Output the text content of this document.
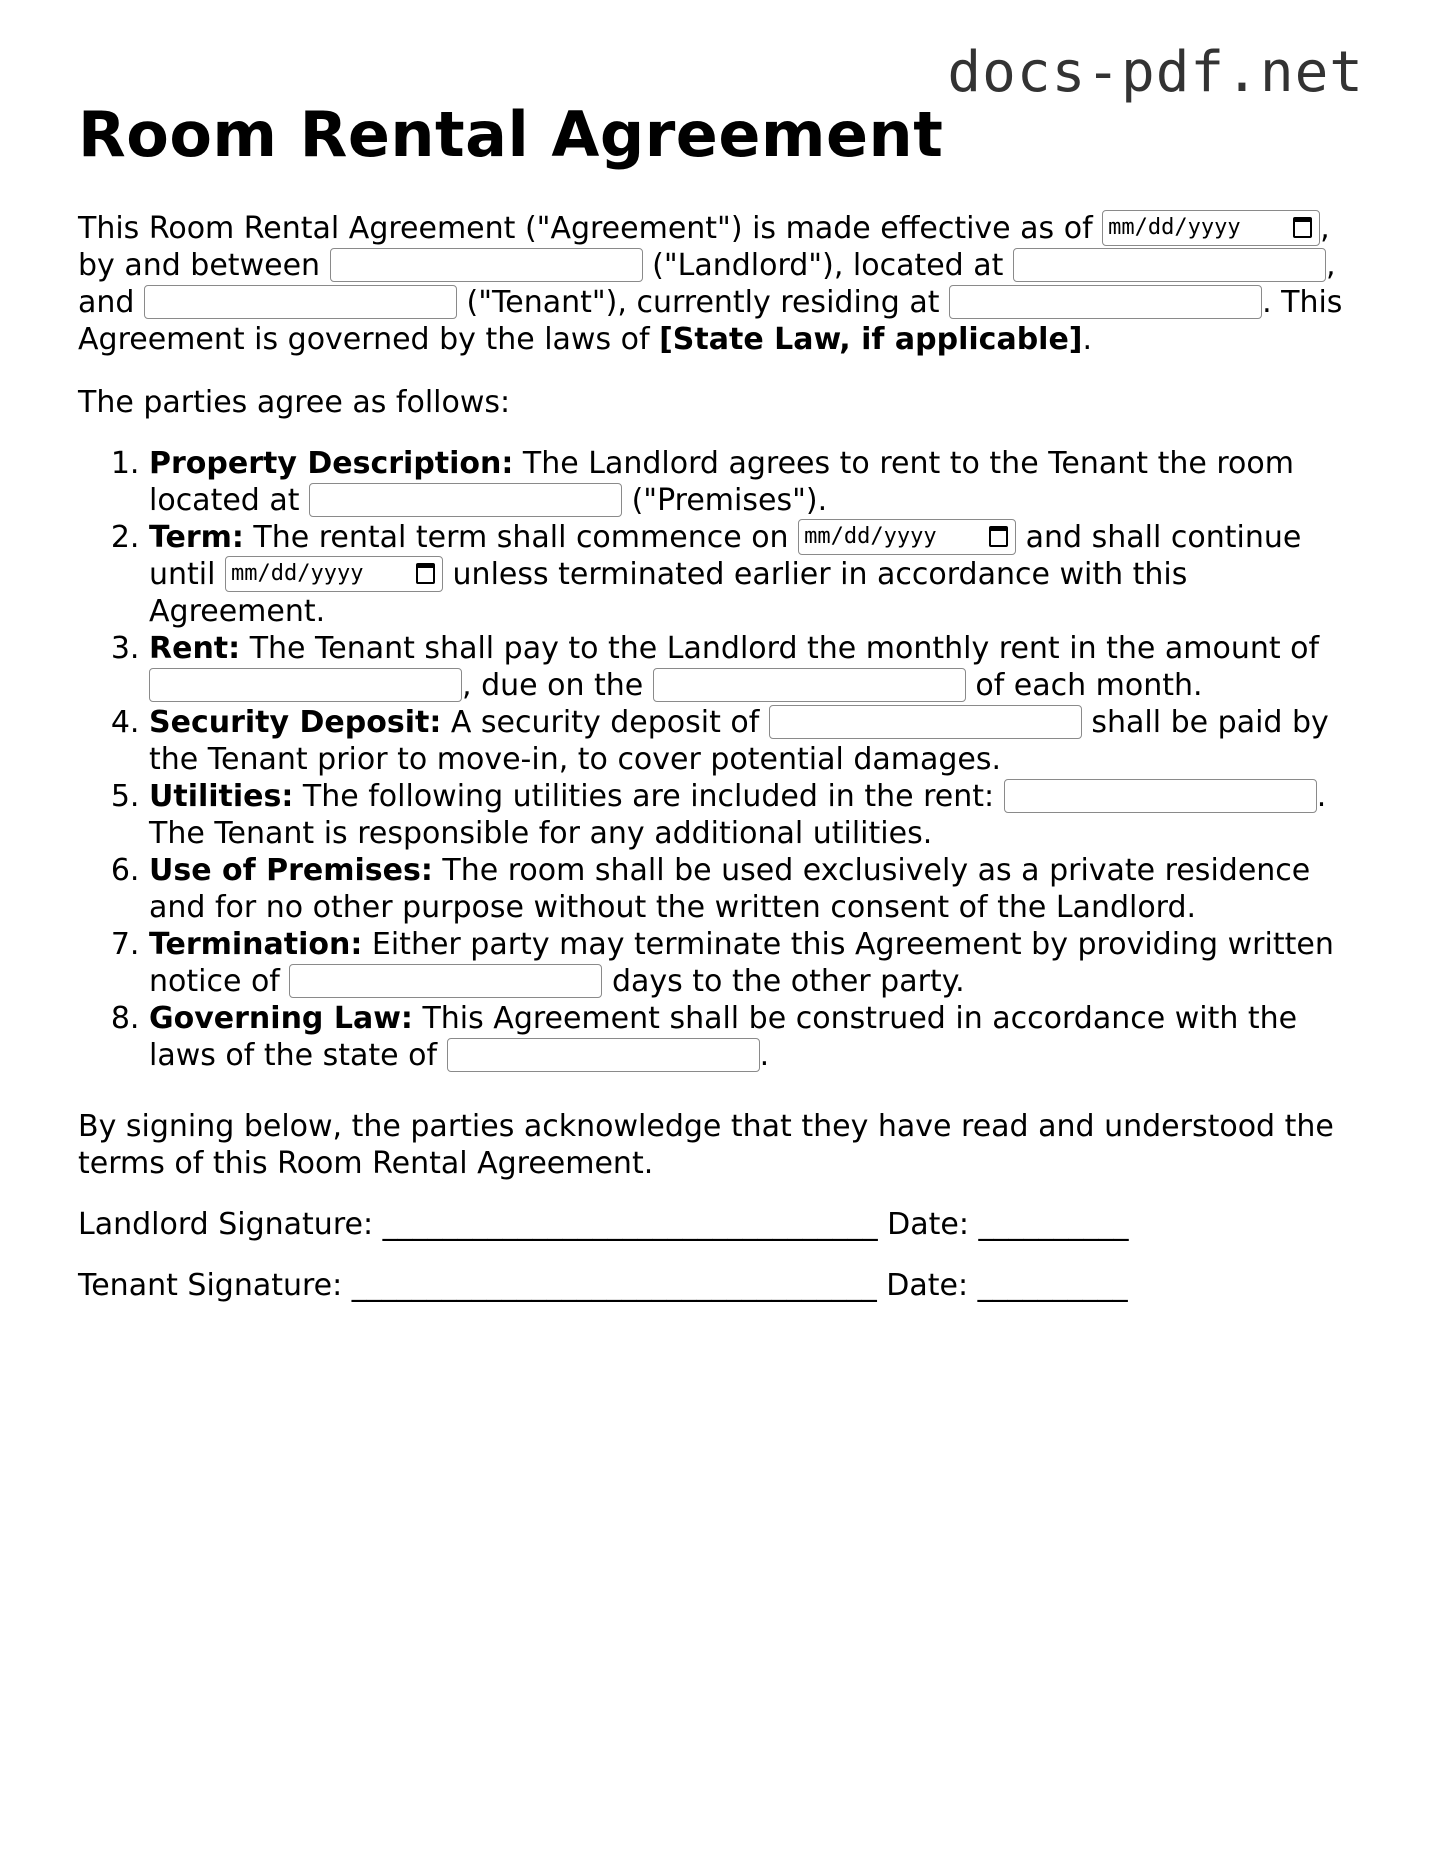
docs-pdf.net
Room Rental Agreement

This Room Rental Agreement ("Agreement") is made effective as of mm/dd/yyyy	, by and between	("Landlord"), located at	, and	("Tenant"), currently residing at	. This Agreement is governed by the laws of [State Law, if applicable].

The parties agree as follows:

1. Property Description: The Landlord agrees to rent to the Tenant the room located at	("Premises").
2. Term: The rental term shall commence on mm/dd/yyyy	and shall continue until mm/dd/yyyy	unless terminated earlier in accordance with this Agreement.
3. Rent: The Tenant shall pay to the Landlord the monthly rent in the amount of , due on the	of each month.
4. Security Deposit: A security deposit of	shall be paid by the Tenant prior to move-in, to cover potential damages.
5. Utilities: The following utilities are included in the rent:	. The Tenant is responsible for any additional utilities.
6. Use of Premises: The room shall be used exclusively as a private residence and for no other purpose without the written consent of the Landlord.
7. Termination: Either party may terminate this Agreement by providing written notice of	days to the other party.
8. Governing Law: This Agreement shall be construed in accordance with the laws of the state of	.

By signing below, the parties acknowledge that they have read and understood the terms of this Room Rental Agreement.

Landlord Signature: _________________________________ Date: __________

Tenant Signature: ___________________________________ Date: __________
